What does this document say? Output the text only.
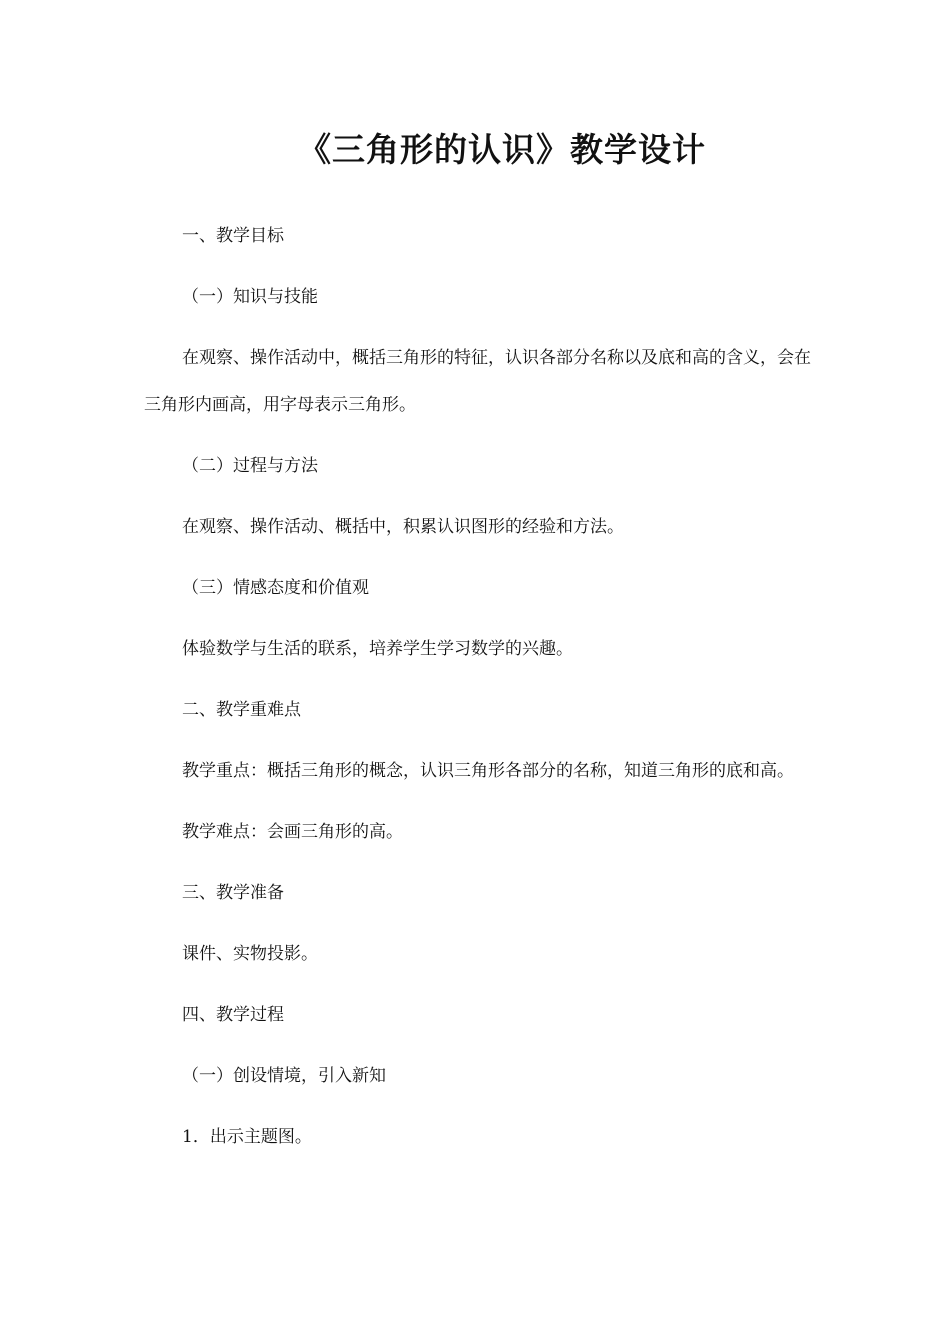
《三角形的认识》教学设计

一、教学目标

（一）知识与技能

在观察、操作活动中，概括三角形的特征，认识各部分名称以及底和高的含义，会在三角形内画高，用字母表示三角形。

（二）过程与方法

在观察、操作活动、概括中，积累认识图形的经验和方法。

（三）情感态度和价值观

体验数学与生活的联系，培养学生学习数学的兴趣。

二、教学重难点

教学重点：概括三角形的概念，认识三角形各部分的名称，知道三角形的底和高。

教学难点：会画三角形的高。

三、教学准备

课件、实物投影。

四、教学过程

（一）创设情境，引入新知

1．出示主题图。
